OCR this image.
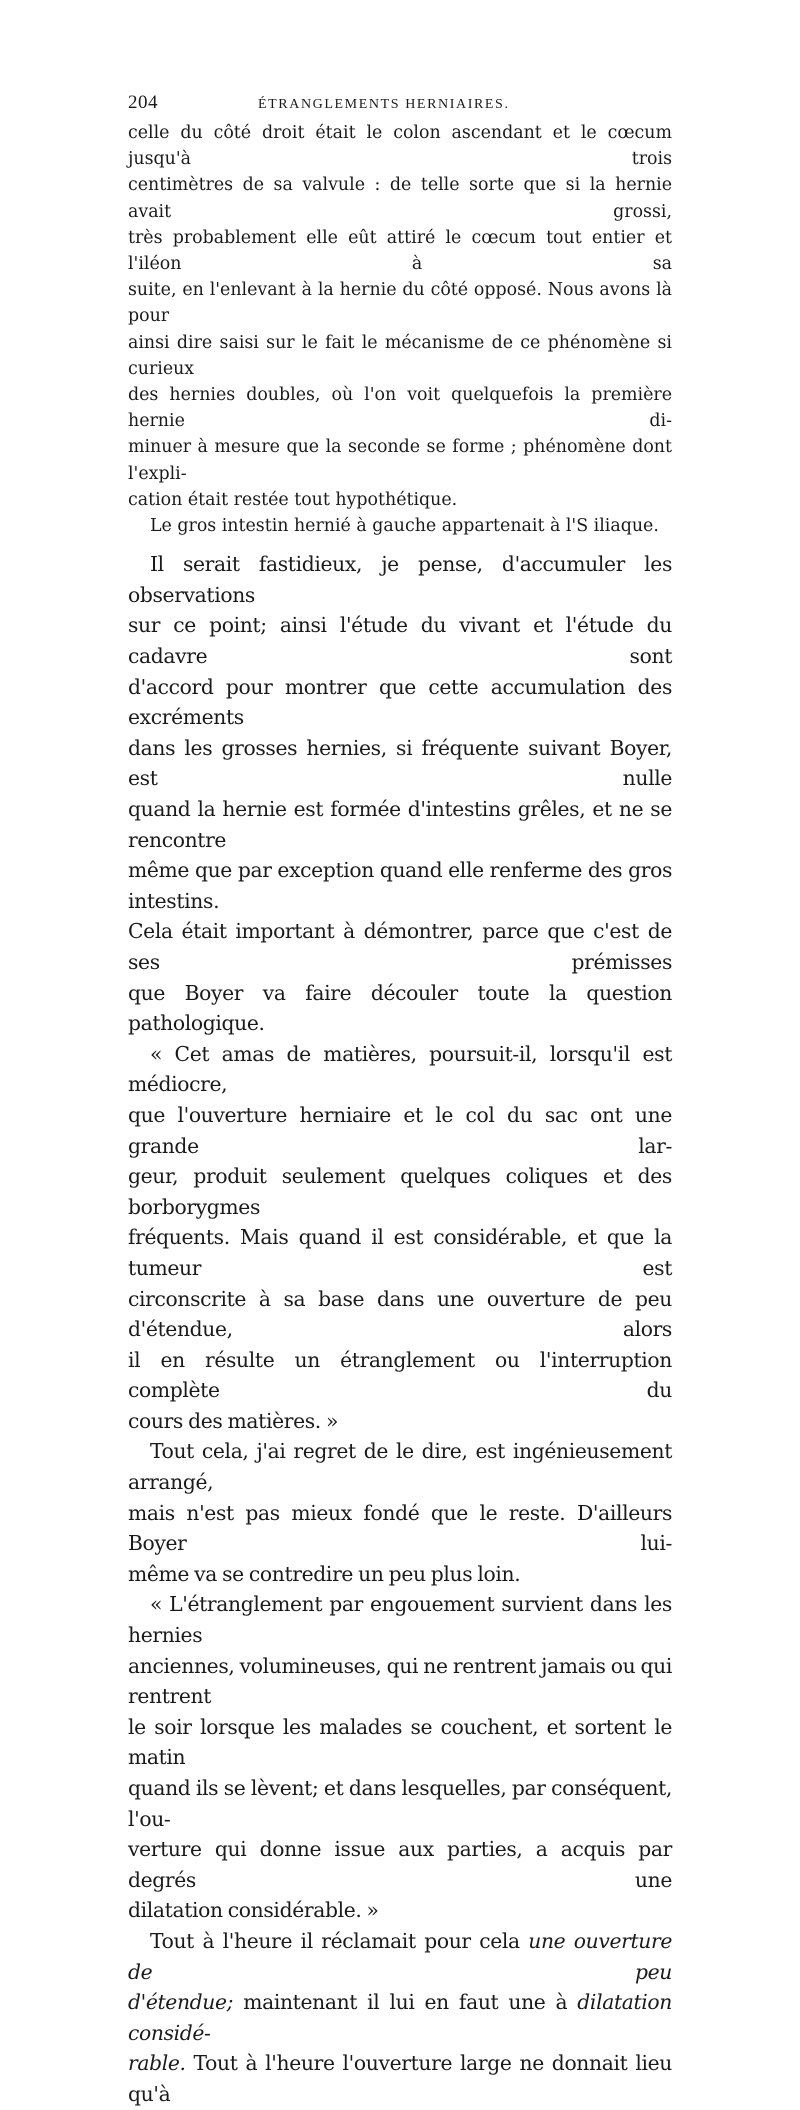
204	ÉTRANGLEMENTS HERNIAIRES.

celle du côté droit était le colon ascendant et le cœcum jusqu'à trois

centimètres de sa valvule : de telle sorte que si la hernie avait grossi,

très probablement elle eût attiré le cœcum tout entier et l'iléon à sa

suite, en l'enlevant à la hernie du côté opposé. Nous avons là pour

ainsi dire saisi sur le fait le mécanisme de ce phénomène si curieux

des hernies doubles, où l'on voit quelquefois la première hernie di-

minuer à mesure que la seconde se forme ; phénomène dont l'expli-

cation était restée tout hypothétique.

Le gros intestin hernié à gauche appartenait à l'S iliaque.

Il serait fastidieux, je pense, d'accumuler les observations

sur ce point; ainsi l'étude du vivant et l'étude du cadavre sont

d'accord pour montrer que cette accumulation des excréments

dans les grosses hernies, si fréquente suivant Boyer, est nulle

quand la hernie est formée d'intestins grêles, et ne se rencontre

même que par exception quand elle renferme des gros intestins.

Cela était important à démontrer, parce que c'est de ses prémisses

que Boyer va faire découler toute la question pathologique.

« Cet amas de matières, poursuit-il, lorsqu'il est médiocre,

que l'ouverture herniaire et le col du sac ont une grande lar-

geur, produit seulement quelques coliques et des borborygmes

fréquents. Mais quand il est considérable, et que la tumeur est

circonscrite à sa base dans une ouverture de peu d'étendue, alors

il en résulte un étranglement ou l'interruption complète du

cours des matières. »

Tout cela, j'ai regret de le dire, est ingénieusement arrangé,

mais n'est pas mieux fondé que le reste. D'ailleurs Boyer lui-

même va se contredire un peu plus loin.

« L'étranglement par engouement survient dans les hernies

anciennes, volumineuses, qui ne rentrent jamais ou qui rentrent

le soir lorsque les malades se couchent, et sortent le matin

quand ils se lèvent; et dans lesquelles, par conséquent, l'ou-

verture qui donne issue aux parties, a acquis par degrés une

dilatation considérable. »

Tout à l'heure il réclamait pour cela une ouverture de peu

d'étendue; maintenant il lui en faut une à dilatation considé-

rable. Tout à l'heure l'ouverture large ne donnait lieu qu'à
